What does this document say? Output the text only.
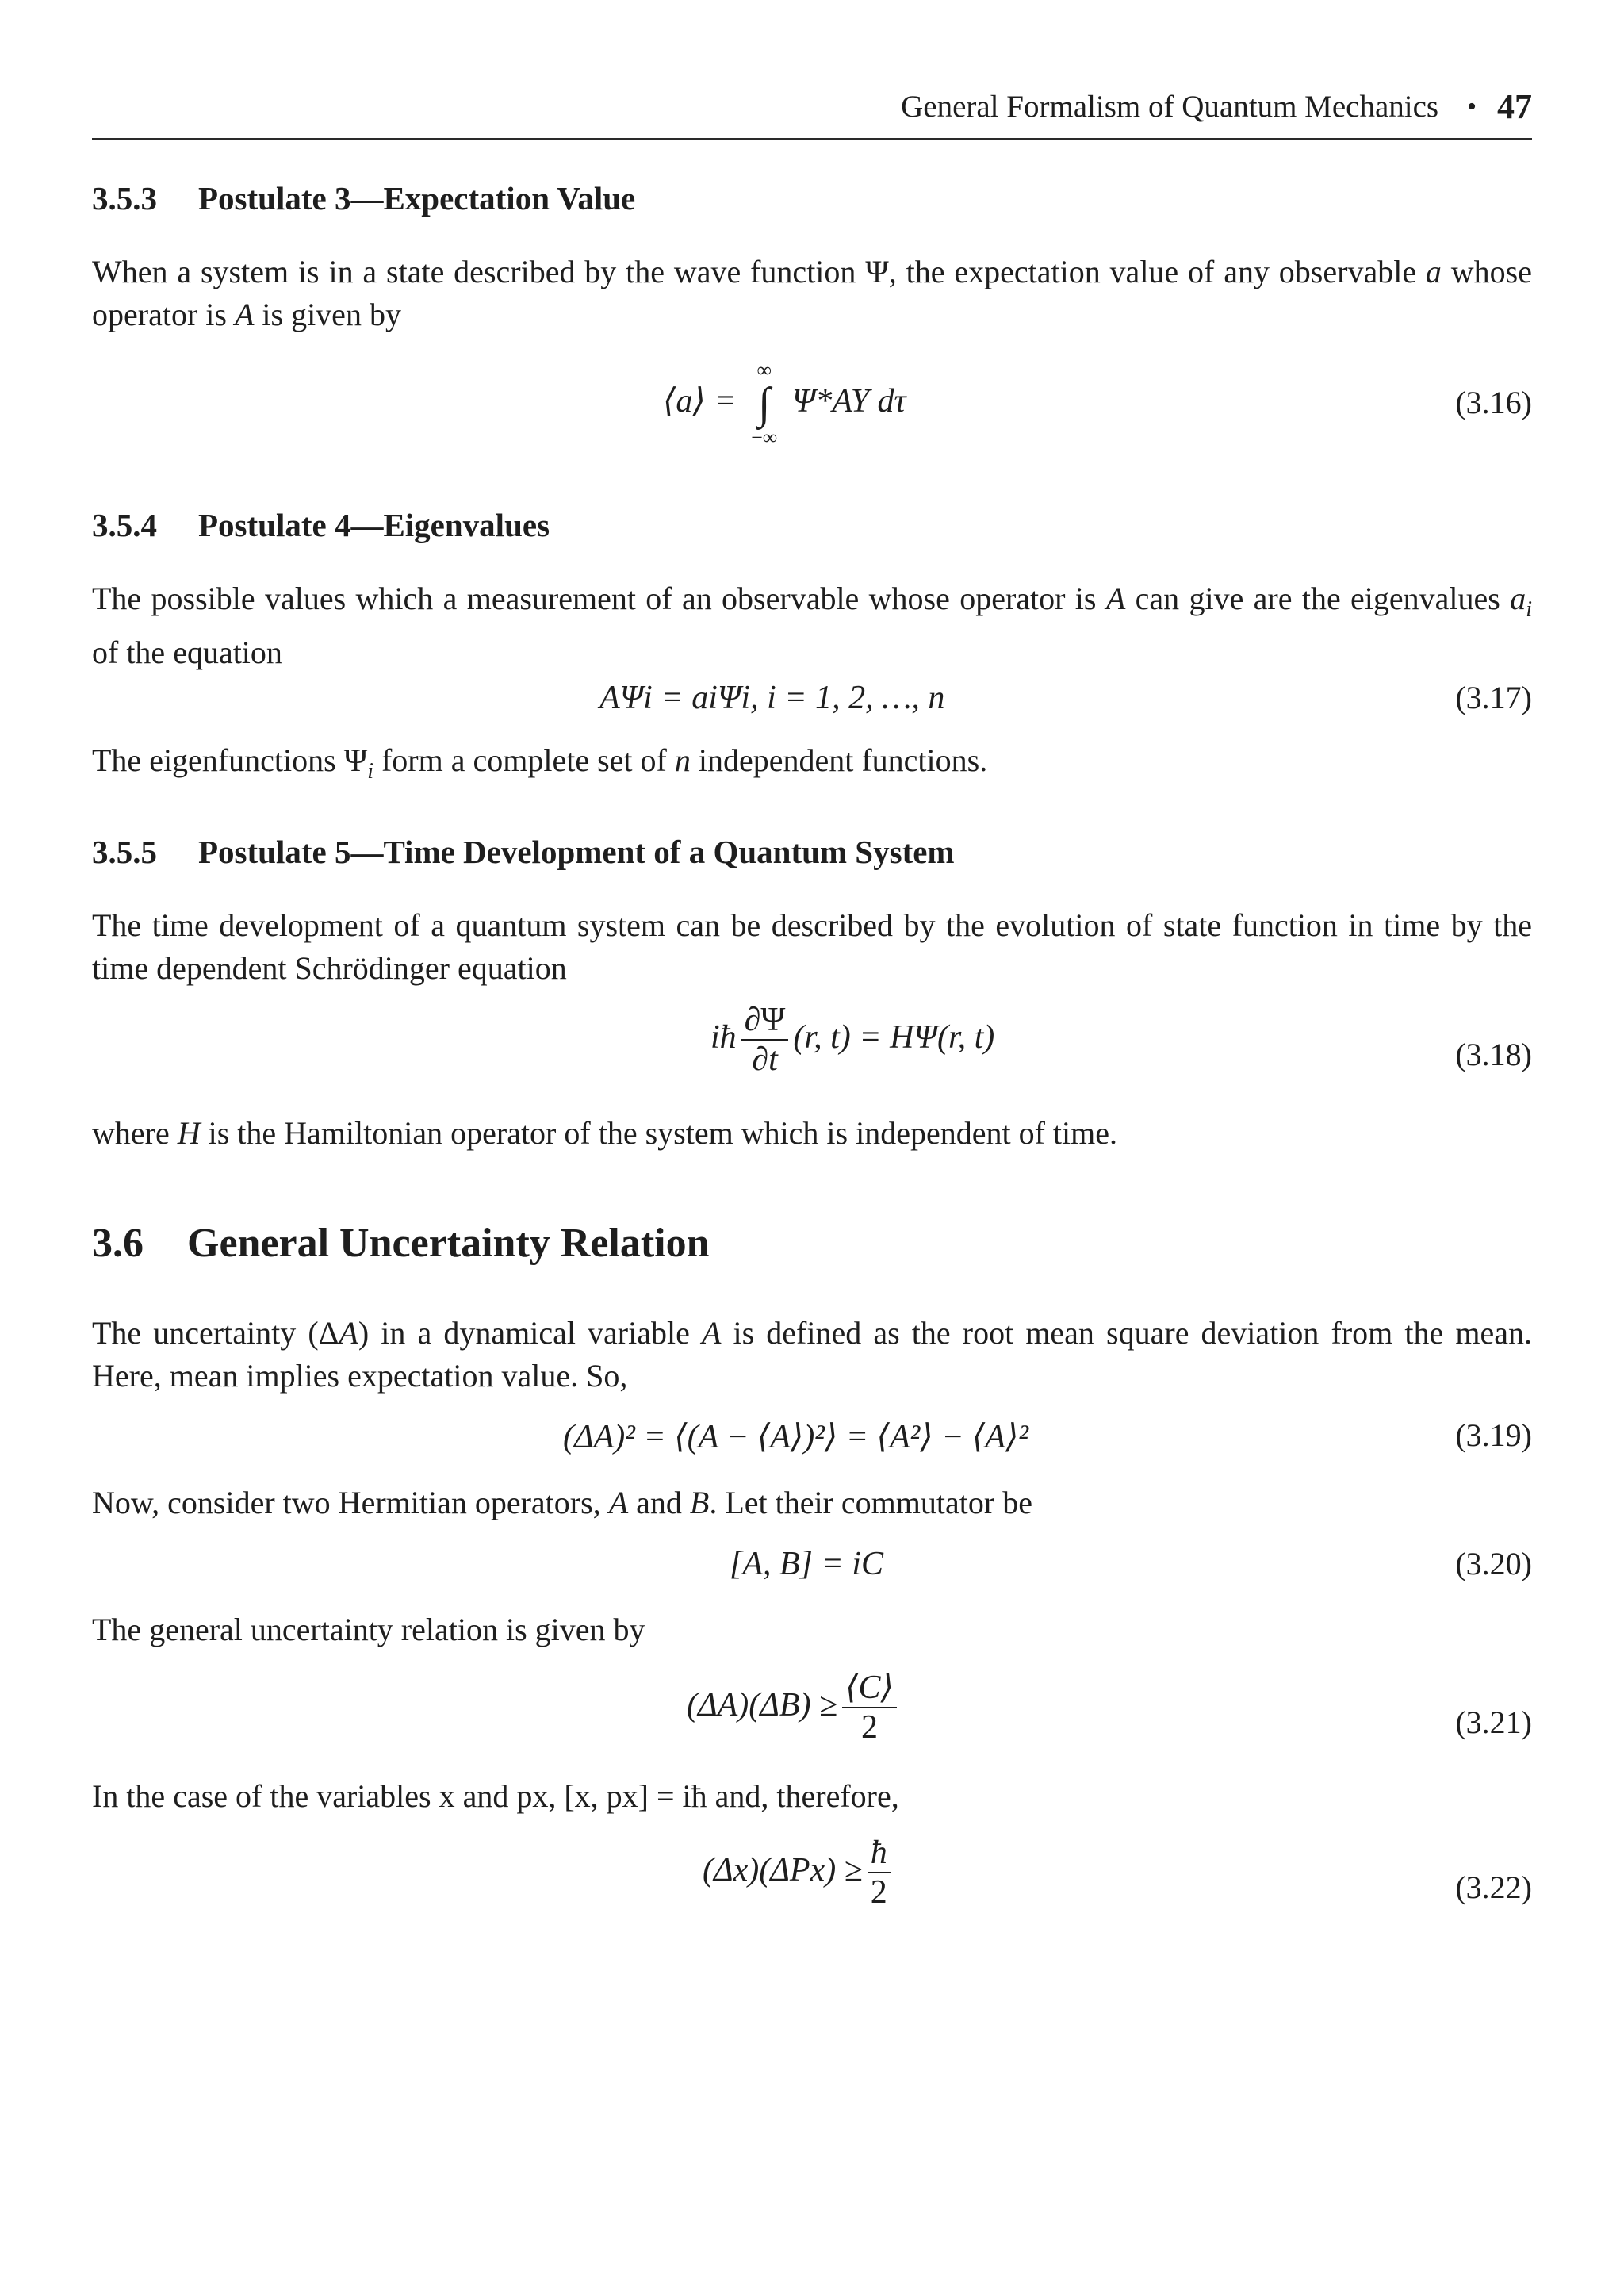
General Formalism of Quantum Mechanics • 47
3.5.3 Postulate 3—Expectation Value

When a system is in a state described by the wave function Ψ, the expectation value of any observable a whose operator is A is given by

⟨a⟩ =
∞
∫
−∞
Ψ*AY dτ	(3.16)
3.5.4 Postulate 4—Eigenvalues

The possible values which a measurement of an observable whose operator is A can give are the eigenvalues $a_i$ of the equation

AΨi = aiΨi, i = 1, 2, …, n	(3.17)

The eigenfunctions $\Psi_i$ form a complete set of n independent functions.

3.5.5 Postulate 5—Time Development of a Quantum System

The time development of a quantum system can be described by the evolution of state function in time by the time dependent Schrödinger equation

iħ $\frac{\partial\Psi}{\partial t} (r$, t) = HΨ(r, t)	(3.18)

where H is the Hamiltonian operator of the system which is independent of time.

3.6 General Uncertainty Relation

The uncertainty (ΔA) in a dynamical variable A is defined as the root mean square deviation from the mean. Here, mean implies expectation value. So,

(ΔA)² = ⟨(A − ⟨A⟩)²⟩ = ⟨A²⟩ − ⟨A⟩²	(3.19)

Now, consider two Hermitian operators, A and B. Let their commutator be

[A, B] = iC	(3.20)

The general uncertainty relation is given by

$(\Delta A)(\Delta B) \ge \frac{⟨C⟩}{2}$	(3.21)

In the case of the variables x and px, [x, px] = iħ and, therefore,

$(\Delta x)(\Delta Px) \ge \frac{ħ}{2}$	(3.22)
